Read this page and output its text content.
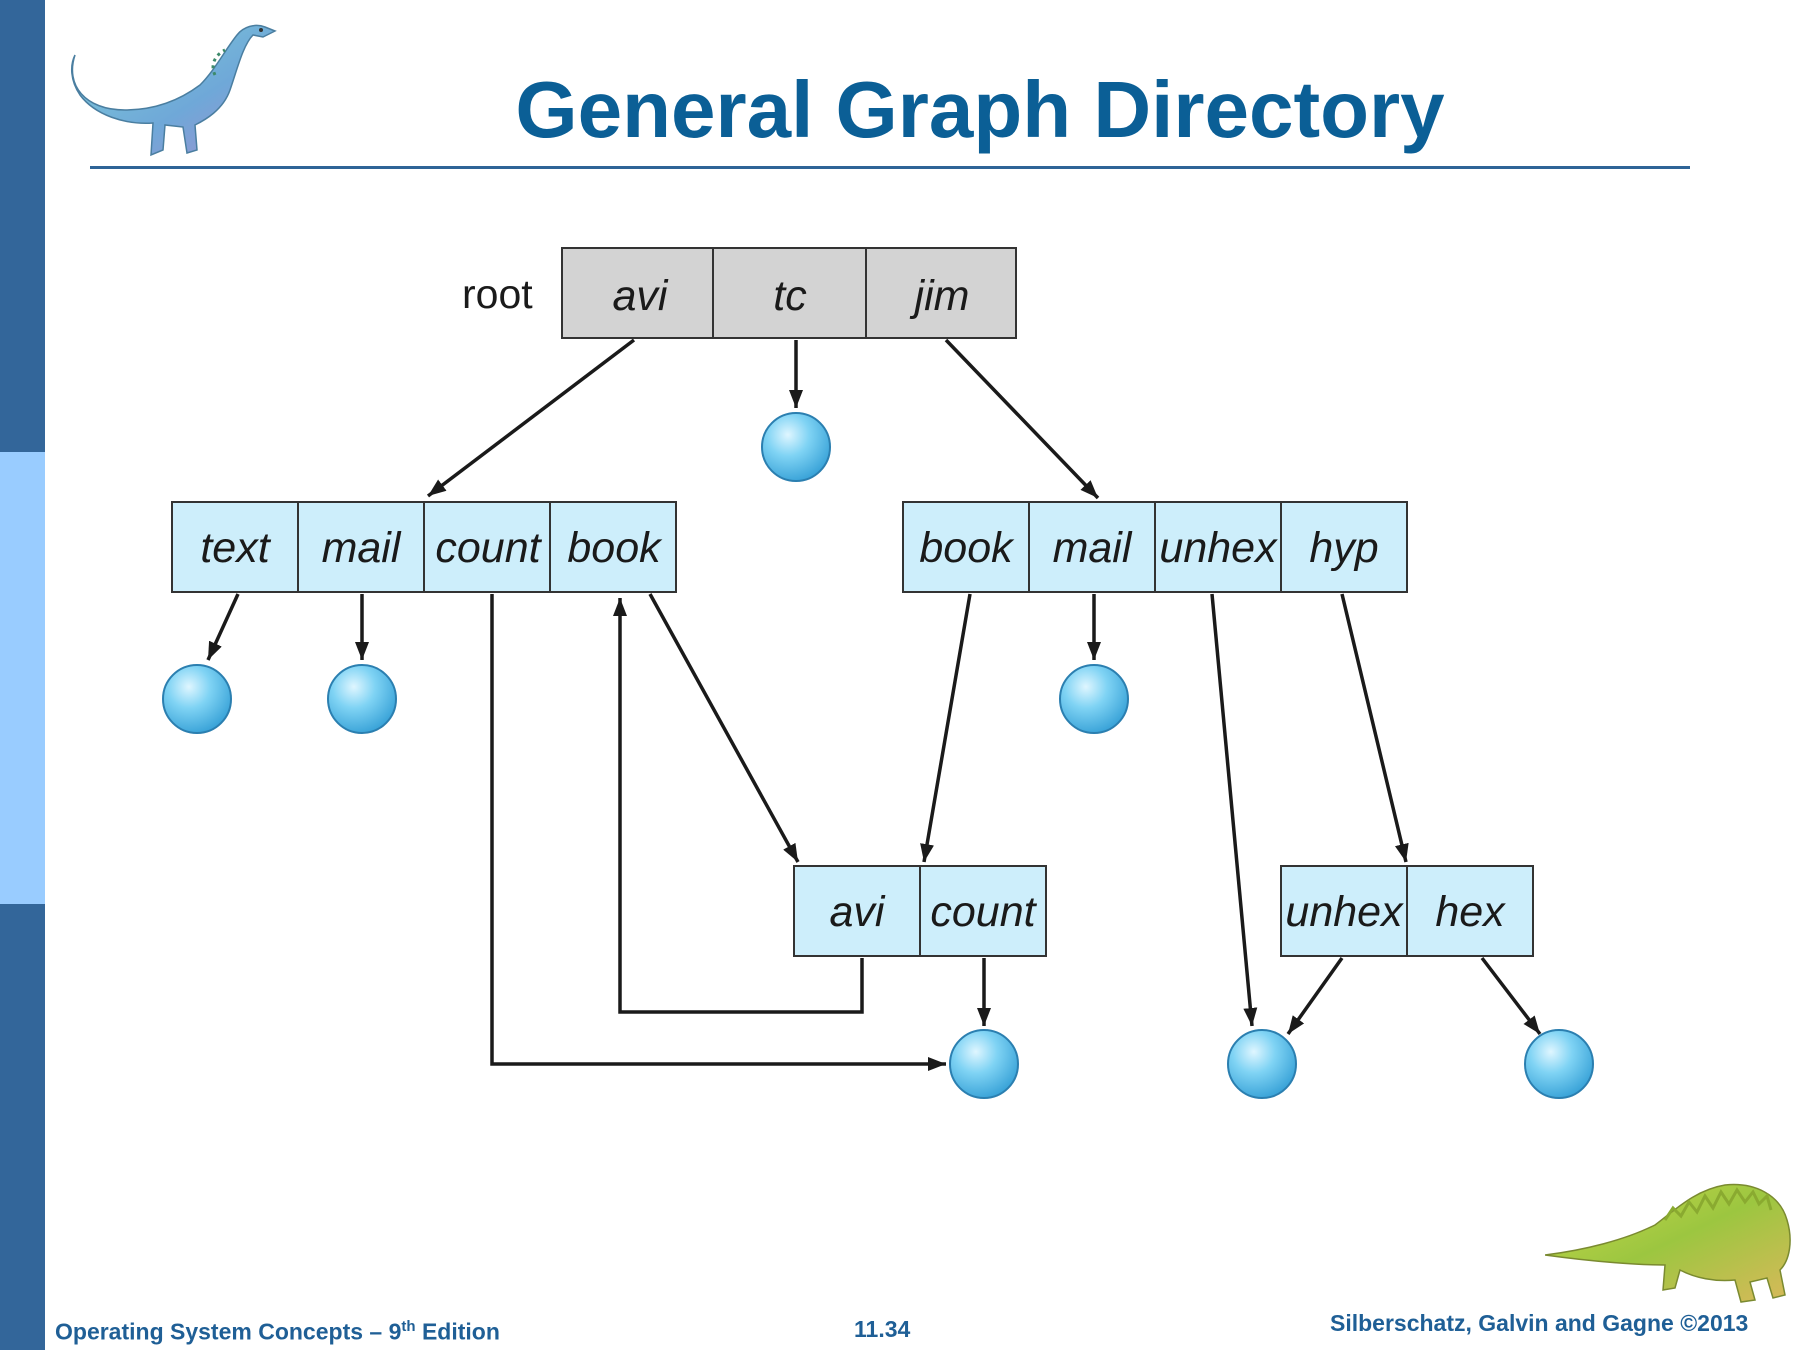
General Graph Directory
root avi tc	jim
text mail count book	book mail unhex hyp
avi count	unhex hex
Operating System Concepts – 9th Edition	11.34	Silberschatz, Galvin and Gagne ©2013
